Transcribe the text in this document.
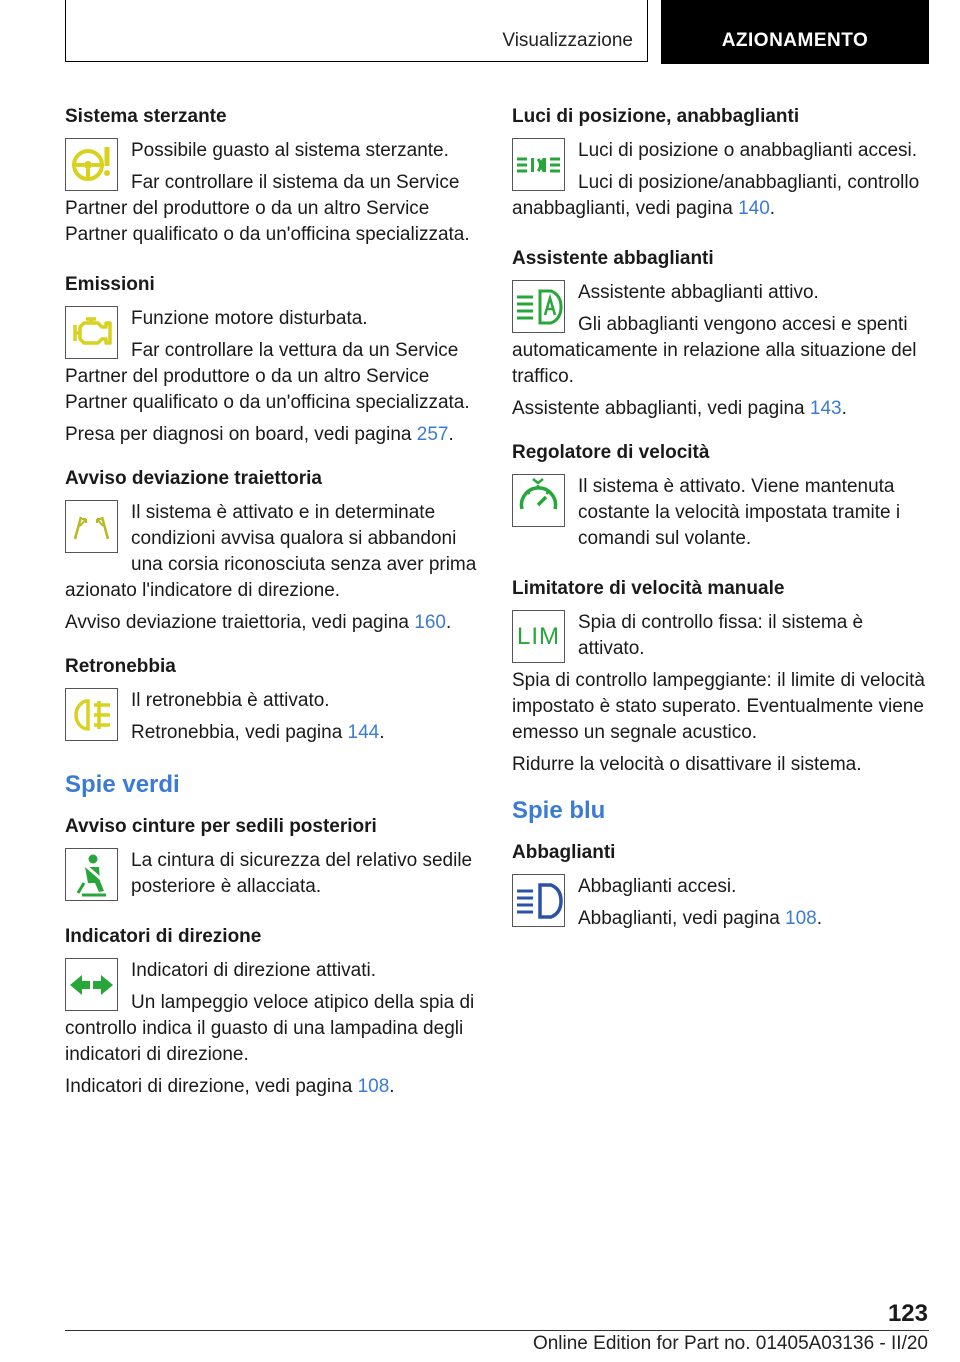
Visualizzazione	AZIONAMENTO
Sistema sterzante
Possibile guasto al sistema sterzante.
Far controllare il sistema da un Service Partner del produttore o da un altro Service Partner qualificato o da un'officina specializzata.
Emissioni
Funzione motore disturbata.
Far controllare la vettura da un Service Partner del produttore o da un altro Service Partner qualificato o da un'officina specializzata.
Presa per diagnosi on board, vedi pagina 257.
Avviso deviazione traiettoria
Il sistema è attivato e in determinate condizioni avvisa qualora si abbandoni una corsia riconosciuta senza aver prima azionato l'indicatore di direzione.
Avviso deviazione traiettoria, vedi pagina 160.
Retronebbia
Il retronebbia è attivato.
Retronebbia, vedi pagina 144.
Spie verdi
Avviso cinture per sedili posteriori
La cintura di sicurezza del relativo sedile posteriore è allacciata.
Indicatori di direzione
Indicatori di direzione attivati.
Un lampeggio veloce atipico della spia di controllo indica il guasto di una lampadina degli indicatori di direzione.
Indicatori di direzione, vedi pagina 108.
Luci di posizione, anabbaglianti
Luci di posizione o anabbaglianti accesi.
Luci di posizione/anabbaglianti, controllo anabbaglianti, vedi pagina 140.
Assistente abbaglianti
Assistente abbaglianti attivo.
Gli abbaglianti vengono accesi e spenti automaticamente in relazione alla situazione del traffico.
Assistente abbaglianti, vedi pagina 143.
Regolatore di velocità
Il sistema è attivato. Viene mantenuta costante la velocità impostata tramite i comandi sul volante.
Limitatore di velocità manuale
LIM
Spia di controllo fissa: il sistema è attivato.
Spia di controllo lampeggiante: il limite di velocità impostato è stato superato. Eventualmente viene emesso un segnale acustico.
Ridurre la velocità o disattivare il sistema.
Spie blu
Abbaglianti
Abbaglianti accesi.
Abbaglianti, vedi pagina 108.
123
Online Edition for Part no. 01405A03136 - II/20
